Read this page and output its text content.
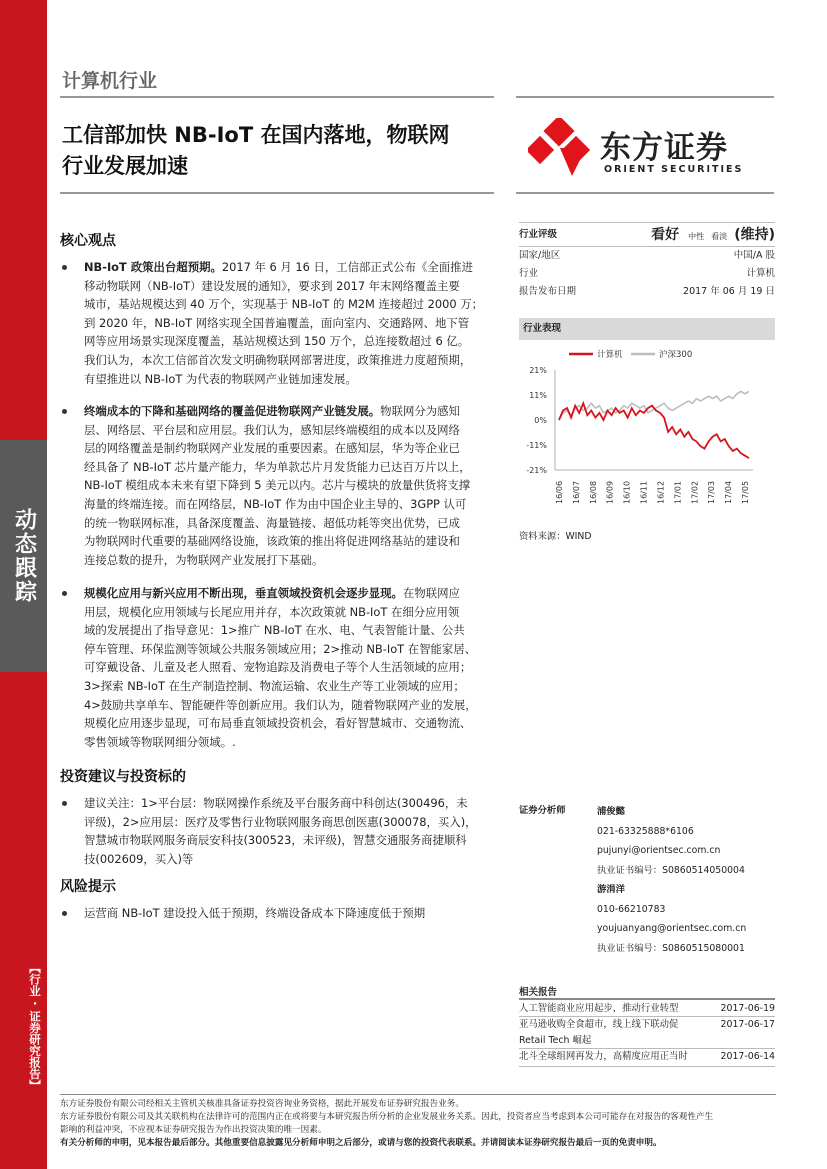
动态跟踪
【行业·证券研究报告】
计算机行业
工信部加快 NB-IoT 在国内落地，物联网
行业发展加速	东方证券
ORIENT SECURITIES
核心观点
NB-IoT 政策出台超预期。2017 年 6 月 16 日，工信部正式公布《全面推进
移动物联网（NB-IoT）建设发展的通知》，要求到 2017 年末网络覆盖主要
城市，基站规模达到 40 万个，实现基于 NB-IoT 的 M2M 连接超过 2000 万；
到 2020 年，NB-IoT 网络实现全国普遍覆盖，面向室内、交通路网、地下管
网等应用场景实现深度覆盖，基站规模达到 150 万个，总连接数超过 6 亿。
我们认为，本次工信部首次发文明确物联网部署进度，政策推进力度超预期，
有望推进以 NB-IoT 为代表的物联网产业链加速发展。
终端成本的下降和基础网络的覆盖促进物联网产业链发展。物联网分为感知
层、网络层、平台层和应用层。我们认为，感知层终端模组的成本以及网络
层的网络覆盖是制约物联网产业发展的重要因素。在感知层，华为等企业已
经具备了 NB-IoT 芯片量产能力，华为单款芯片月发货能力已达百万片以上，
NB-IoT 模组成本未来有望下降到 5 美元以内。芯片与模块的放量供货将支撑
海量的终端连接。而在网络层，NB-IoT 作为由中国企业主导的、3GPP 认可
的统一物联网标准，具备深度覆盖、海量链接、超低功耗等突出优势，已成
为物联网时代重要的基础网络设施，该政策的推出将促进网络基站的建设和
连接总数的提升，为物联网产业发展打下基础。
规模化应用与新兴应用不断出现，垂直领域投资机会逐步显现。在物联网应
用层，规模化应用领域与长尾应用并存，本次政策就 NB-IoT 在细分应用领
域的发展提出了指导意见：1>推广 NB-IoT 在水、电、气表智能计量、公共
停车管理、环保监测等领域公共服务领域应用；2>推动 NB-IoT 在智能家居、
可穿戴设备、儿童及老人照看、宠物追踪及消费电子等个人生活领域的应用；
3>探索 NB-IoT 在生产制造控制、物流运输、农业生产等工业领域的应用；
4>鼓励共享单车、智能硬件等创新应用。我们认为，随着物联网产业的发展，
规模化应用逐步显现，可布局垂直领域投资机会，看好智慧城市、交通物流、
零售领域等物联网细分领域。.
投资建议与投资标的
建议关注：1>平台层：物联网操作系统及平台服务商中科创达(300496，未
评级)，2>应用层：医疗及零售行业物联网服务商思创医惠(300078，买入)，
智慧城市物联网服务商辰安科技(300523，未评级)，智慧交通服务商捷顺科
技(002609，买入)等
风险提示
运营商 NB-IoT 建设投入低于预期，终端设备成本下降速度低于预期
行业评级	看好 中性 看淡 (维持)
国家/地区	中国/A 股
行业	计算机
报告发布日期	2017 年 06 月 19 日
行业表现
计算机	沪深300
21%
11%
0%
-11%
-21%
16/06 16/07 16/08 16/09 16/10 16/11 16/12 17/01 17/02 17/03 17/04 17/05
资料来源：WIND
证券分析师	浦俊懿
021-63325888*6106
pujunyi@orientsec.com.cn
执业证书编号：S0860514050004
游涓洋
010-66210783
youjuanyang@orientsec.com.cn
执业证书编号：S0860515080001
相关报告
人工智能商业应用起步，推动行业转型	2017-06-19
亚马逊收购全食超市，线上线下联动促	2017-06-17
Retail Tech 崛起
北斗全球组网再发力，高精度应用正当时	2017-06-14
东方证券股份有限公司经相关主管机关核准具备证券投资咨询业务资格，据此开展发布证券研究报告业务。
东方证券股份有限公司及其关联机构在法律许可的范围内正在或将要与本研究报告所分析的企业发展业务关系。因此，投资者应当考虑到本公司可能存在对报告的客观性产生
影响的利益冲突，不应视本证券研究报告为作出投资决策的唯一因素。
有关分析师的申明，见本报告最后部分。其他重要信息披露见分析师申明之后部分，或请与您的投资代表联系。并请阅读本证券研究报告最后一页的免责申明。
